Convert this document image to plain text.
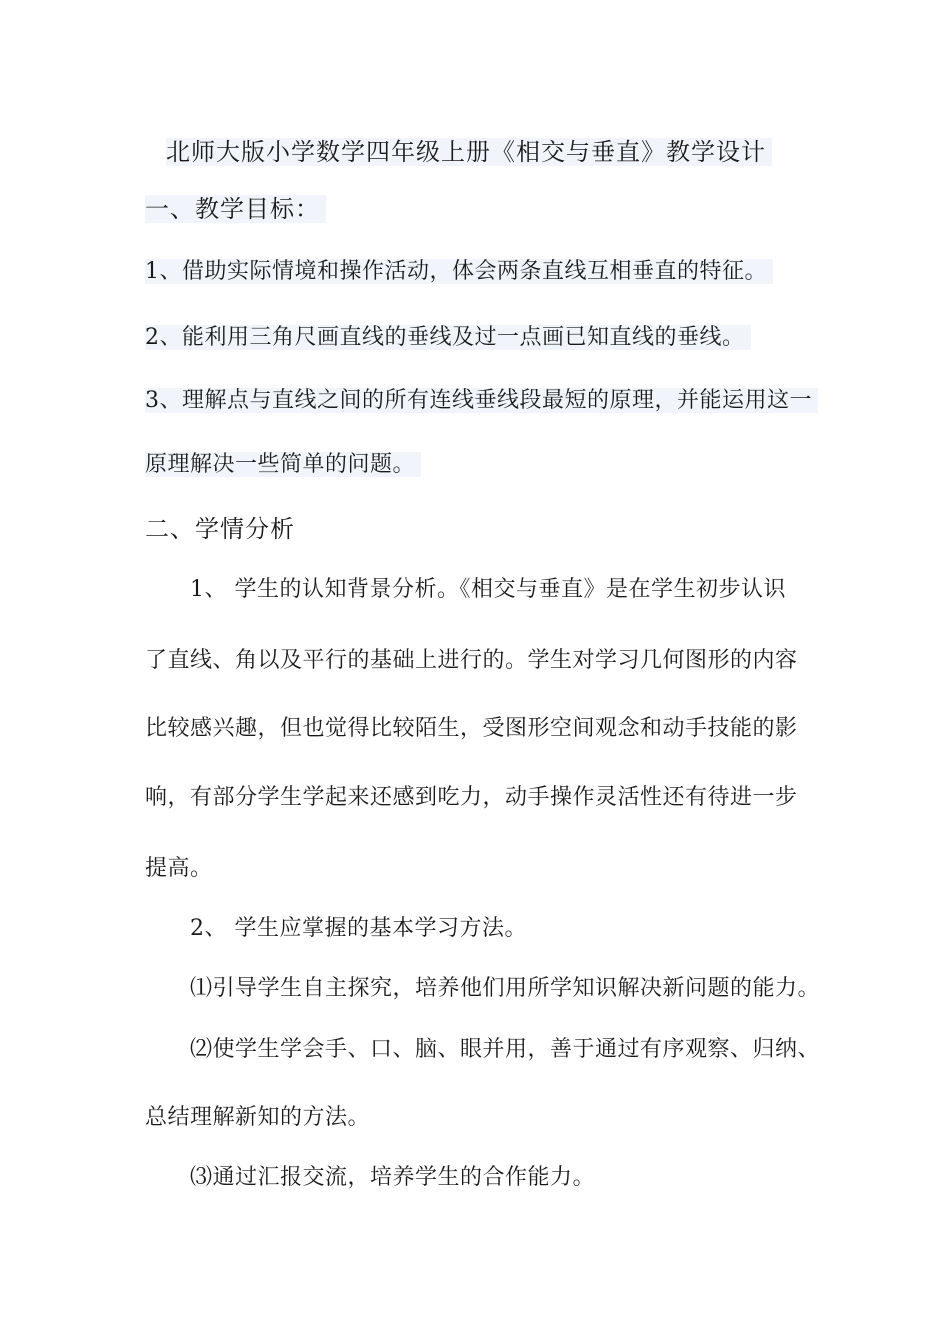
北师大版小学数学四年级上册《相交与垂直》教学设计
一、教学目标：
1、借助实际情境和操作活动，体会两条直线互相垂直的特征。
2、能利用三角尺画直线的垂线及过一点画已知直线的垂线。
3、理解点与直线之间的所有连线垂线段最短的原理，并能运用这一
原理解决一些简单的问题。
二、学情分析
1、 学生的认知背景分析。《相交与垂直》是在学生初步认识
了直线、角以及平行的基础上进行的。学生对学习几何图形的内容
比较感兴趣，但也觉得比较陌生，受图形空间观念和动手技能的影
响，有部分学生学起来还感到吃力，动手操作灵活性还有待进一步
提高。
2、 学生应掌握的基本学习方法。
⑴引导学生自主探究，培养他们用所学知识解决新问题的能力。
⑵使学生学会手、口、脑、眼并用，善于通过有序观察、归纳、
总结理解新知的方法。
⑶通过汇报交流，培养学生的合作能力。
